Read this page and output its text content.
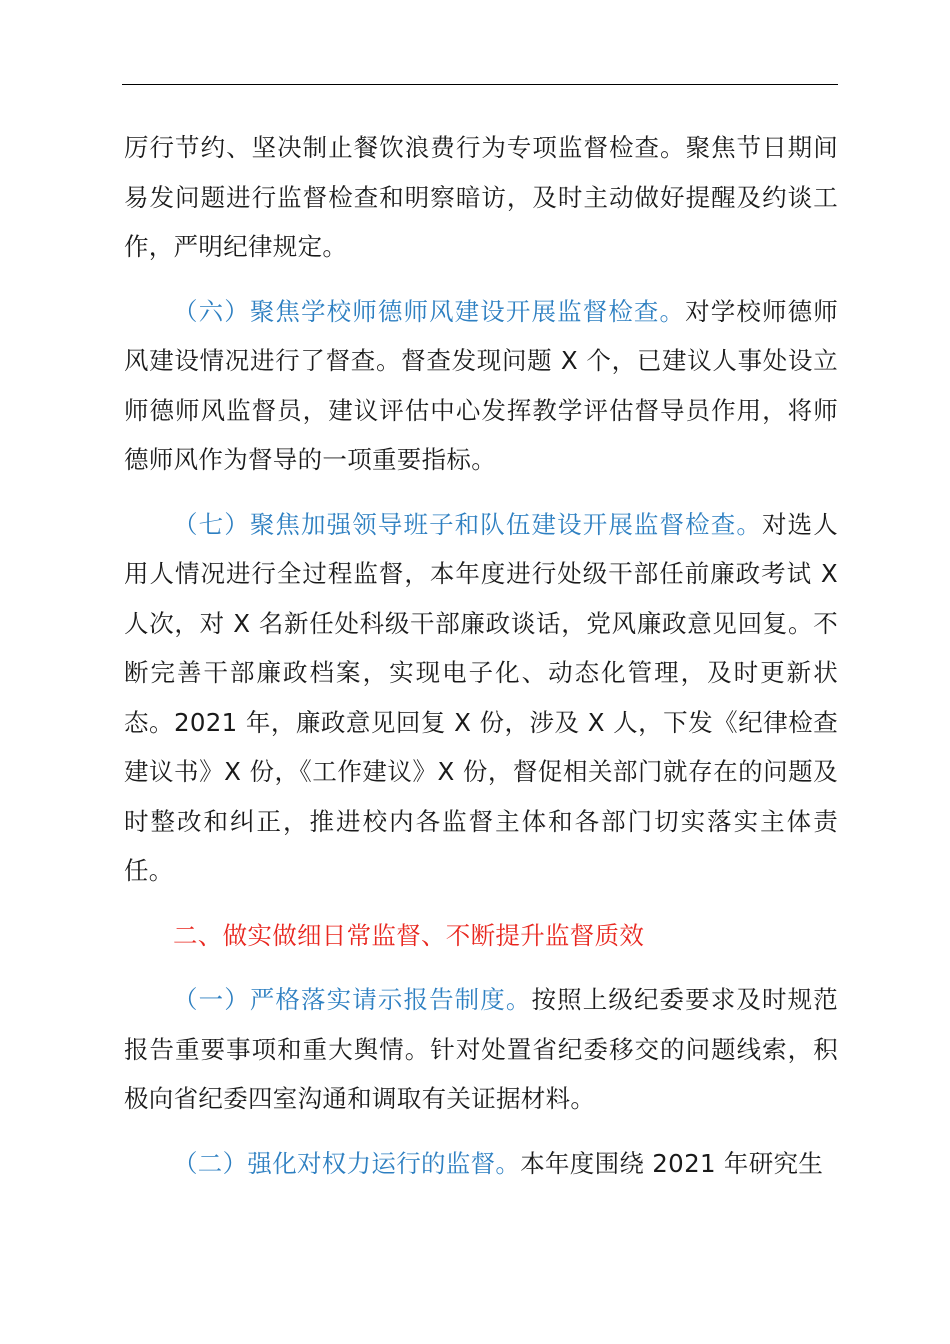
厉行节约、坚决制止餐饮浪费行为专项监督检查。聚焦节日期间易发问题进行监督检查和明察暗访，及时主动做好提醒及约谈工作，严明纪律规定。

（六）聚焦学校师德师风建设开展监督检查。对学校师德师风建设情况进行了督查。督查发现问题 X 个，已建议人事处设立师德师风监督员，建议评估中心发挥教学评估督导员作用，将师德师风作为督导的一项重要指标。

（七）聚焦加强领导班子和队伍建设开展监督检查。对选人用人情况进行全过程监督，本年度进行处级干部任前廉政考试 X 人次，对 X 名新任处科级干部廉政谈话，党风廉政意见回复。不断完善干部廉政档案，实现电子化、动态化管理，及时更新状态。2021 年，廉政意见回复 X 份，涉及 X 人，下发《纪律检查建议书》X 份，《工作建议》X 份，督促相关部门就存在的问题及时整改和纠正，推进校内各监督主体和各部门切实落实主体责任。

二、做实做细日常监督、不断提升监督质效

（一）严格落实请示报告制度。按照上级纪委要求及时规范报告重要事项和重大舆情。针对处置省纪委移交的问题线索，积极向省纪委四室沟通和调取有关证据材料。

（二）强化对权力运行的监督。本年度围绕 2021 年研究生
